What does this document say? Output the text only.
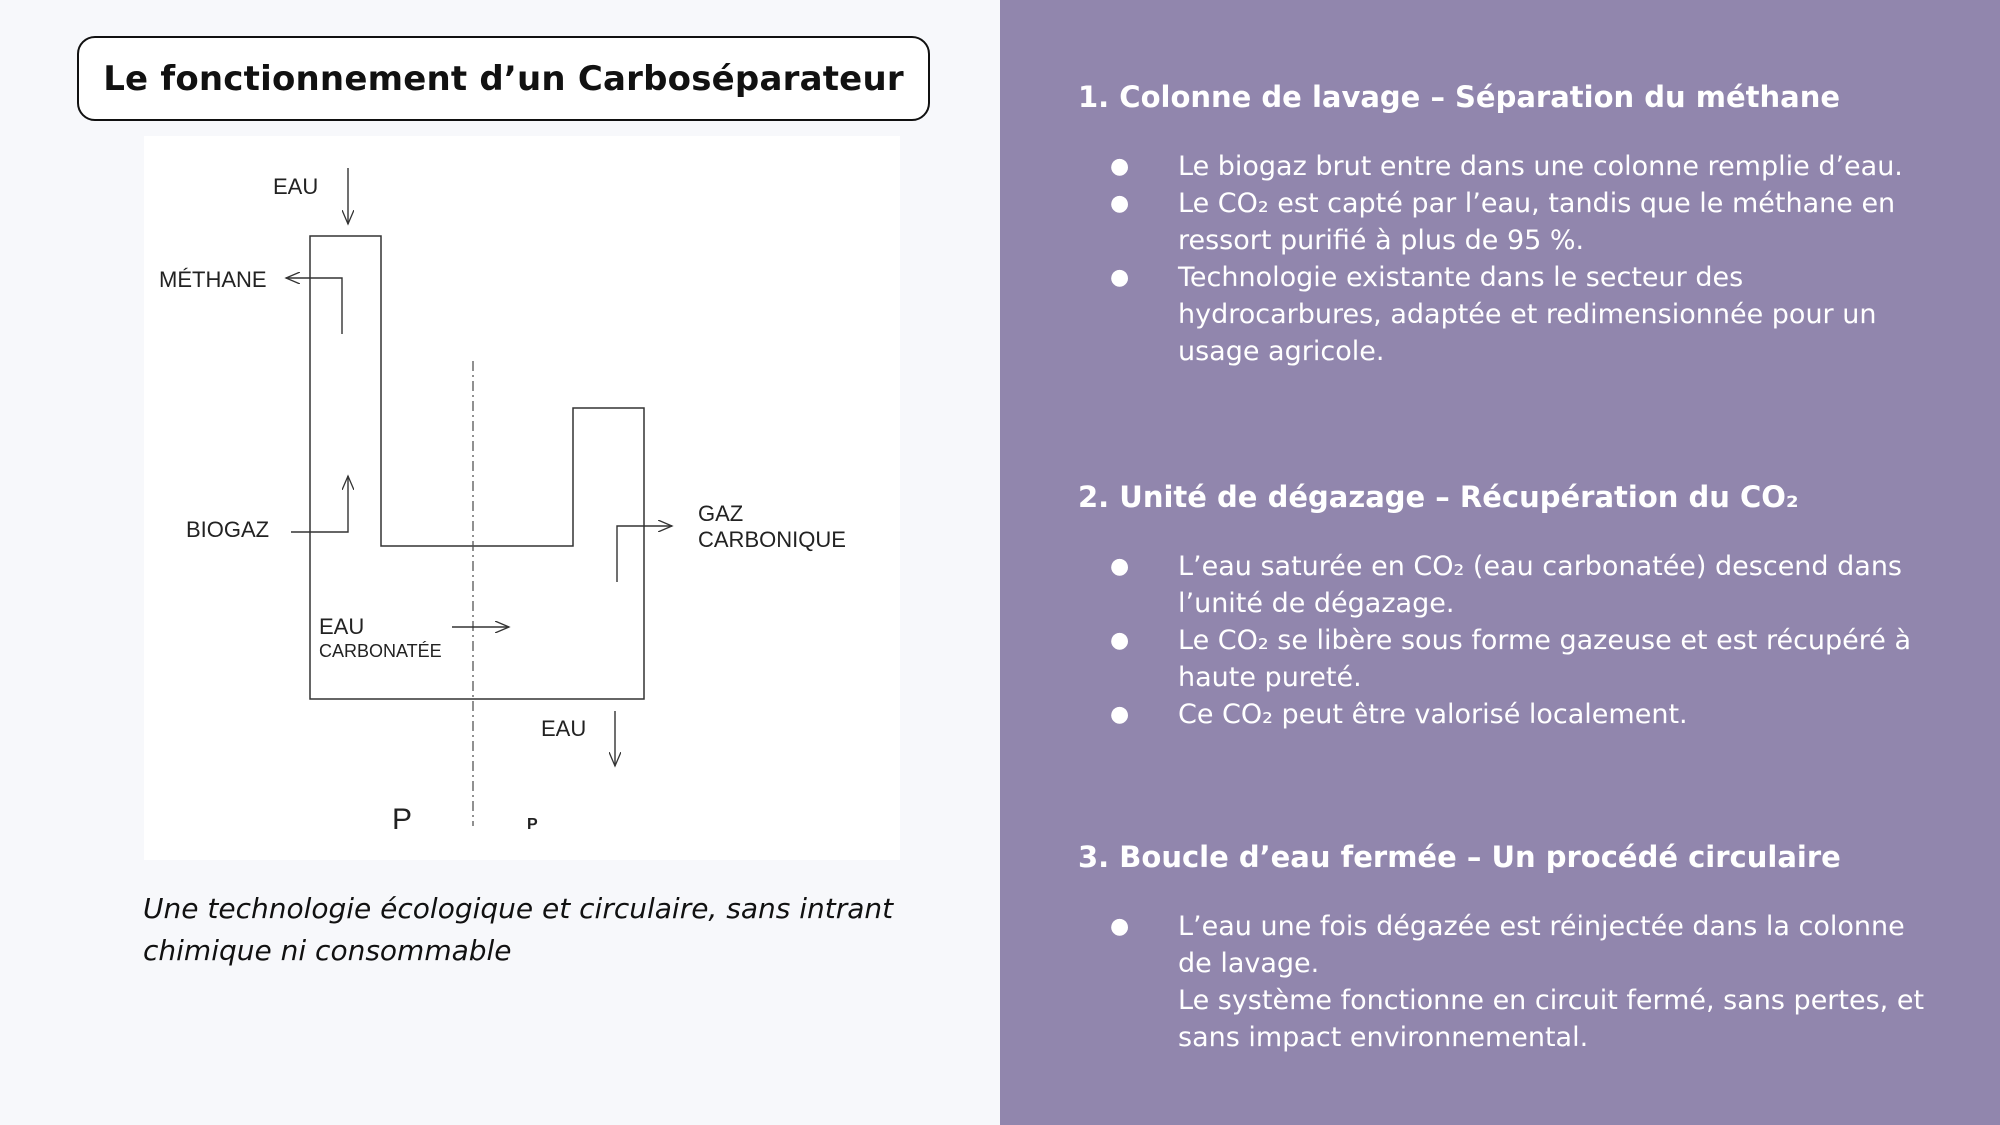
Le fonctionnement d’un Carboséparateur
EAU
MÉTHANE
BIOGAZ
GAZ
CARBONIQUE
EAU
CARBONATÉE
EAU
P	P
Une technologie écologique et circulaire, sans intrant chimique ni consommable
1. Colonne de lavage – Séparation du méthane
● Le biogaz brut entre dans une colonne remplie d’eau.
● Le CO₂ est capté par l’eau, tandis que le méthane en ressort purifié à plus de 95 %.
● Technologie existante dans le secteur des hydrocarbures, adaptée et redimensionnée pour un usage agricole.
2. Unité de dégazage – Récupération du CO₂
● L’eau saturée en CO₂ (eau carbonatée) descend dans l’unité de dégazage.
● Le CO₂ se libère sous forme gazeuse et est récupéré à haute pureté.
● Ce CO₂ peut être valorisé localement.
3. Boucle d’eau fermée – Un procédé circulaire
● L’eau une fois dégazée est réinjectée dans la colonne de lavage.
Le système fonctionne en circuit fermé, sans pertes, et sans impact environnemental.
